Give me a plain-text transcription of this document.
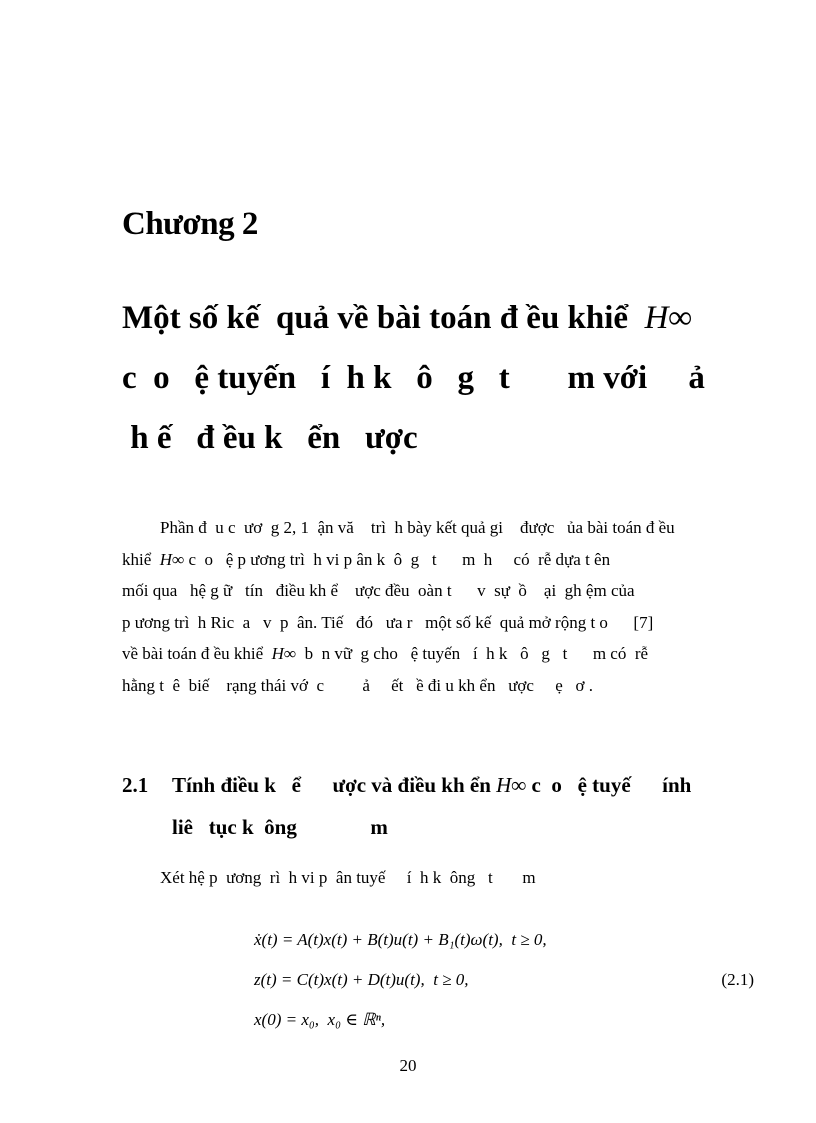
Chương 2
Một số kế  quả về bài toán đ ều khiể  H∞
c  o   ệ tuyến   í  h k   ô   g   t       m với     ả
h ế   đ ều k   ển   ược
Phần đ  u c  ươ  g 2, 1  ận vă    trì  h bày kết quả gi    được   ủa bài toán đ ều
khiể  H∞ c  o   ệ p ương trì  h vi p ân k  ô  g   t      m  h     có  rễ dựa t ên
mối qua   hệ g ữ   tín   điều kh ể    ược đều  oàn t      v  sự  ồ    ại  gh ệm của
p ương trì  h Ric  a   v  p  ân. Tiế   đó   ưa r   một số kế  quả mở rộng t o      [7]
về bài toán đ ều khiể  H∞  b  n vữ  g cho   ệ tuyến   í  h k   ô   g   t      m có  rễ
hằng t  ê  biế    rạng thái vớ  c         ả     ết   ề đi u kh ển   ược     ẹ   ơ .
2.1	Tính điều k   ể      ược và điều kh ển H∞ c  o   ệ tuyế      ính
liê   tục k  ông              m
Xét hệ p  ương  rì  h vi p  ân tuyế     í  h k  ông   t       m
ẋ(t) = A(t)x(t) + B(t)u(t) + B₁(t)ω(t),  t ≥ 0,
z(t) = C(t)x(t) + D(t)u(t),  t ≥ 0,
x(0) = x₀,  x₀ ∈ ℝⁿ,
(2.1)
20
